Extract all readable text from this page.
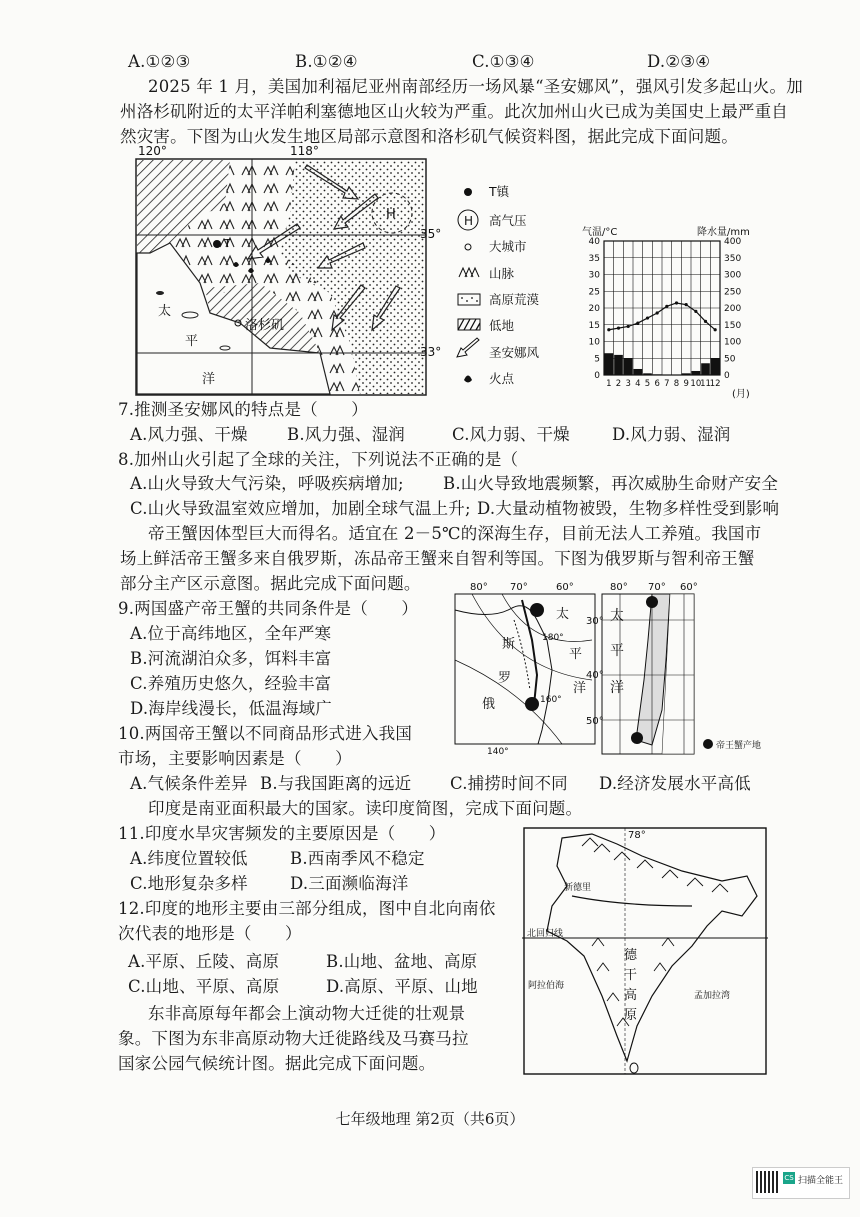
A.①②③	B.①②④	C.①③④	D.②③④
2025 年 1 月，美国加利福尼亚州南部经历一场风暴“圣安娜风”，强风引发多起山火。加
州洛杉矶附近的太平洋帕利塞德地区山火较为严重。此次加州山火已成为美国史上最严重自
然灾害。下图为山火发生地区局部示意图和洛杉矶气候资料图，据此完成下面问题。
H
T
洛杉矶
120°	118°
35°
33°
太
平
洋
H
T镇
高气压
大城市
山脉
高原荒漠
低地
圣安娜风
火点
气温/°C	降水量/mm
40	400
35	350
30	300
25	250
20	200
15	150
10	100
5	50
0	0
1 2 3 4 5 6 7 8 9 10
11
12
(月)
7.推测圣安娜风的特点是（　　）
A.风力强、干燥 B.风力强、湿润	C.风力弱、干燥	D.风力弱、湿润
8.加州山火引起了全球的关注，下列说法不正确的是（
A.山火导致大气污染，呼吸疾病增加; B.山火导致地震频繁，再次威胁生命财产安全
C.山火导致温室效应增加，加剧全球气温上升; D.大量动植物被毁，生物多样性受到影响
帝王蟹因体型巨大而得名。适宜在 2－5℃的深海生存，目前无法人工养殖。我国市
场上鲜活帝王蟹多来自俄罗斯，冻品帝王蟹来自智利等国。下图为俄罗斯与智利帝王蟹
部分主产区示意图。据此完成下面问题。
9.两国盛产帝王蟹的共同条件是（　　）
A.位于高纬地区，全年严寒
B.河流湖泊众多，饵料丰富
C.养殖历史悠久，经验丰富
D.海岸线漫长，低温海域广
10.两国帝王蟹以不同商品形式进入我国
市场，主要影响因素是（　　）
A.气候条件差异 B.与我国距离的远近 C.捕捞时间不同 D.经济发展水平高低
80° 70°	60°
180°
160°
140°
太
平
洋
斯
罗
俄
80° 70° 60°
30°
40°
50°
太
平
洋
帝王蟹产地
印度是南亚面积最大的国家。读印度简图，完成下面问题。
11.印度水旱灾害频发的主要原因是（　　）
A.纬度位置较低	B.西南季风不稳定
C.地形复杂多样	D.三面濒临海洋
12.印度的地形主要由三部分组成，图中自北向南依
次代表的地形是（　　）
A.平原、丘陵、高原	B.山地、盆地、高原
C.山地、平原、高原	D.高原、平原、山地
东非高原每年都会上演动物大迁徙的壮观景
象。下图为东非高原动物大迁徙路线及马赛马拉
国家公园气候统计图。据此完成下面问题。
78°
新德里
北回归线
阿拉伯海
孟加拉湾
德
干
高
原
七年级地理 第2页（共6页）
CS 扫描全能王
